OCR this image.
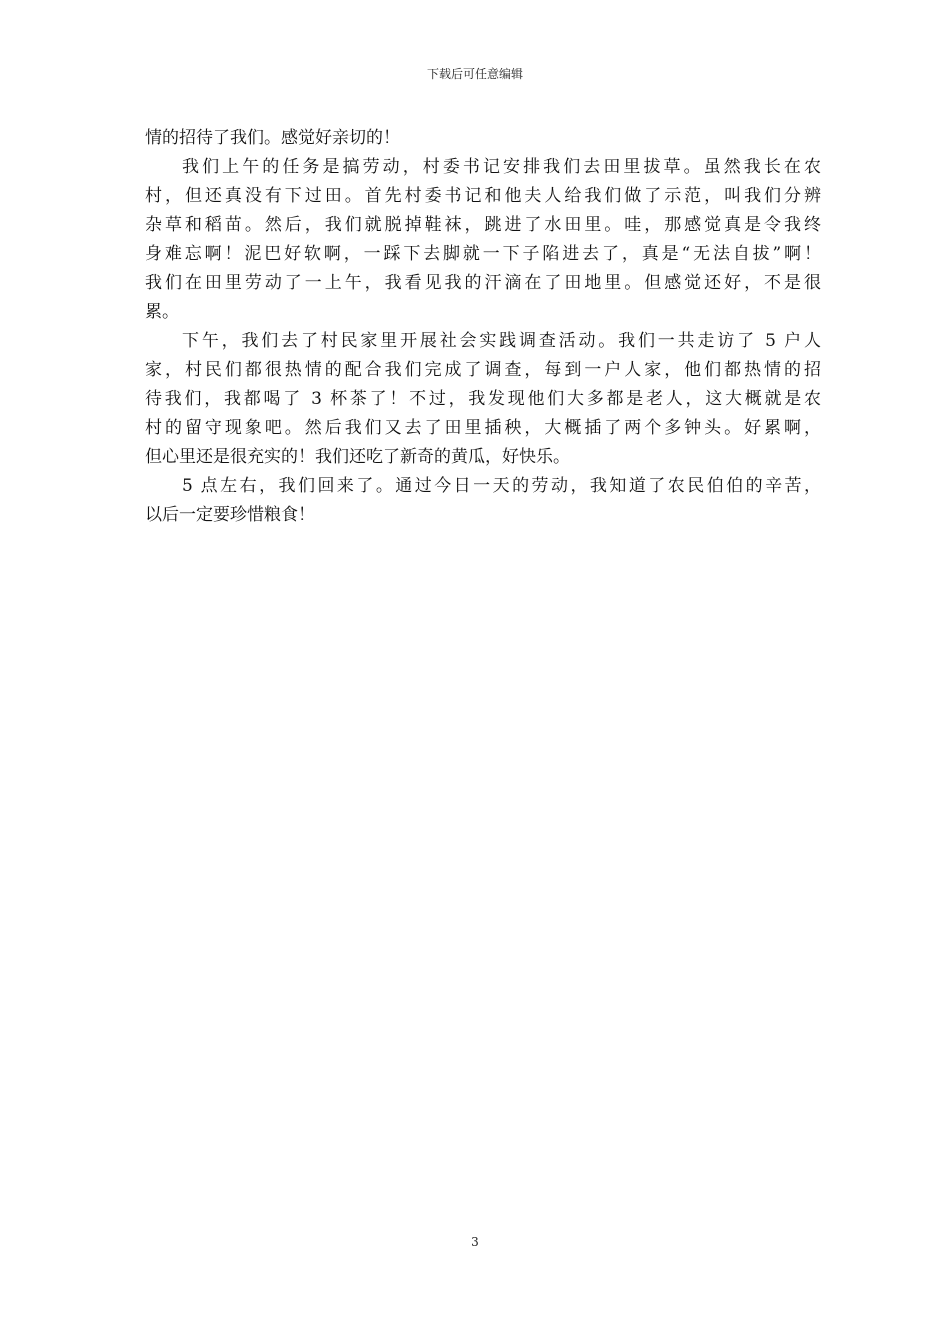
下载后可任意编辑
情的招待了我们。感觉好亲切的！
我们上午的任务是搞劳动，村委书记安排我们去田里拔草。虽然我长在农
村，但还真没有下过田。首先村委书记和他夫人给我们做了示范，叫我们分辨
杂草和稻苗。然后，我们就脱掉鞋袜，跳进了水田里。哇，那感觉真是令我终
身难忘啊！泥巴好软啊，一踩下去脚就一下子陷进去了，真是“无法自拔”啊！
我们在田里劳动了一上午，我看见我的汗滴在了田地里。但感觉还好，不是很
累。
下午，我们去了村民家里开展社会实践调查活动。我们一共走访了 5 户人
家，村民们都很热情的配合我们完成了调查，每到一户人家，他们都热情的招
待我们，我都喝了 3 杯茶了！不过，我发现他们大多都是老人，这大概就是农
村的留守现象吧。然后我们又去了田里插秧，大概插了两个多钟头。好累啊，
但心里还是很充实的！我们还吃了新奇的黄瓜，好快乐。
5 点左右，我们回来了。通过今日一天的劳动，我知道了农民伯伯的辛苦，
以后一定要珍惜粮食！
3
